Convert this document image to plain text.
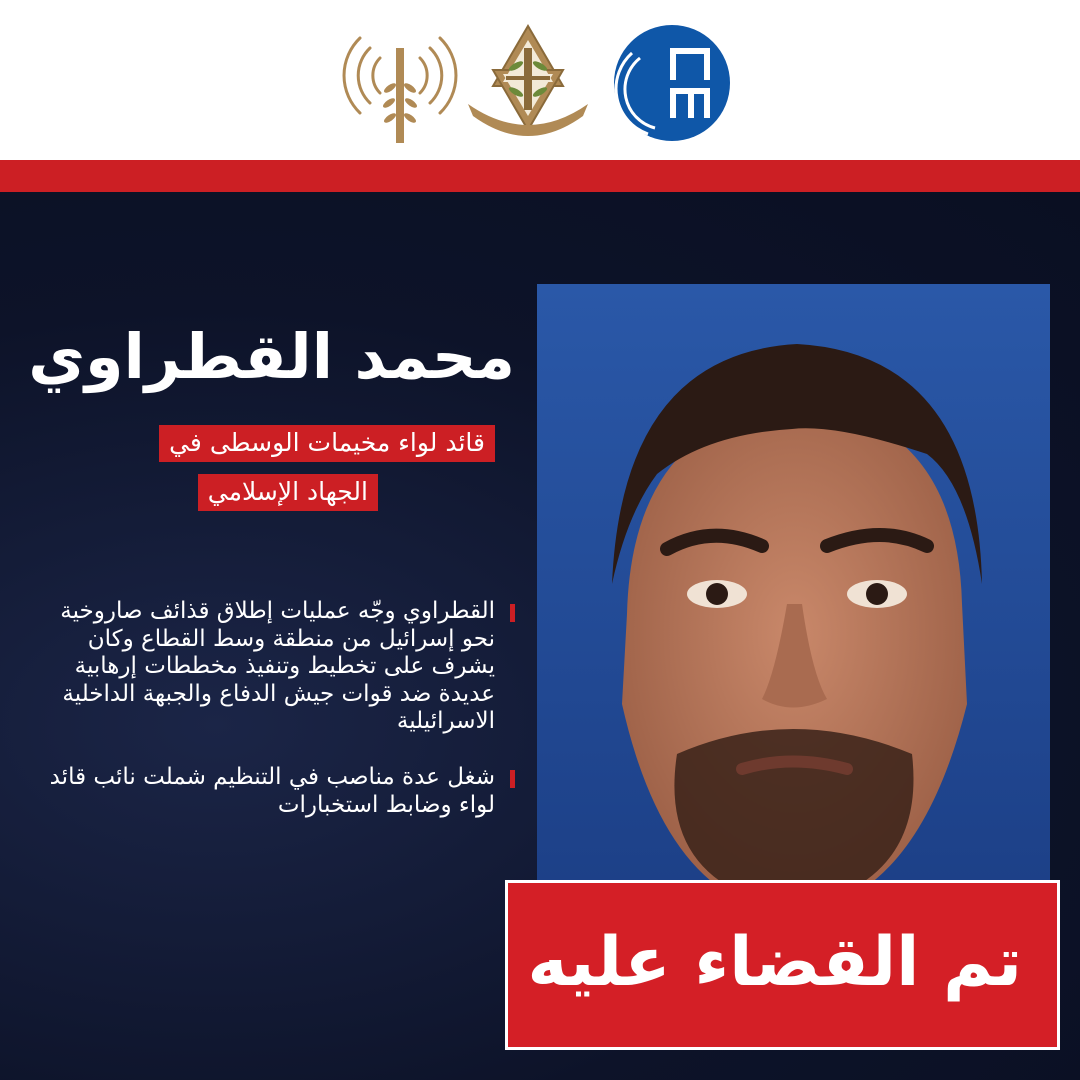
محمد القطراوي
قائد لواء مخيمات الوسطى في
الجهاد الإسلامي
القطراوي وجّه عمليات إطلاق قذائف صاروخية نحو إسرائيل من منطقة وسط القطاع وكان يشرف على تخطيط وتنفيذ مخططات إرهابية عديدة ضد قوات جيش الدفاع والجبهة الداخلية الاسرائيلية
شغل عدة مناصب في التنظيم شملت نائب قائد لواء وضابط استخبارات
تم القضاء عليه
